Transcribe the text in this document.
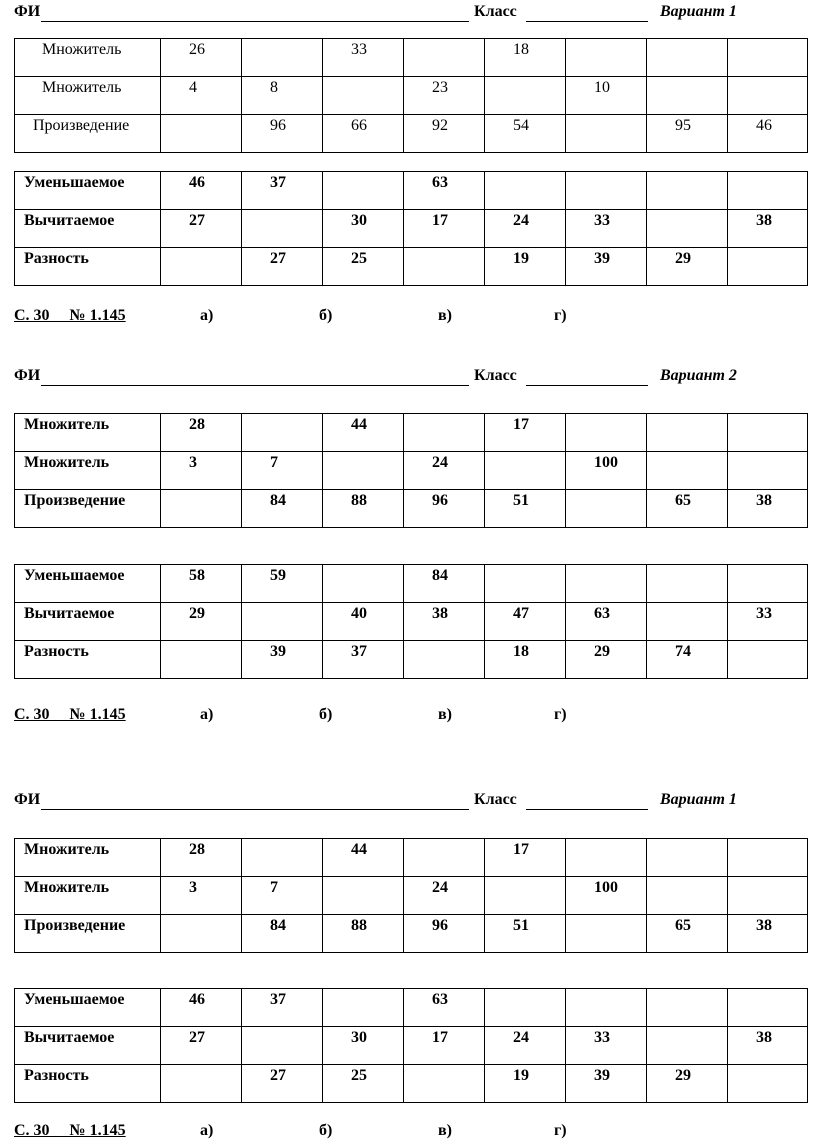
ФИ	Класс	Вариант 1
Множитель	26		33		18			
Множитель	4	8		23		10		
Произведение		96	66	92	54		95	46
Уменьшаемое	46	37		63				
Вычитаемое	27		30	17	24	33		38
Разность		27	25		19	39	29	
С. 30     № 1.145	а)	б)	в)	г)
ФИ	Класс	Вариант 2
Множитель	28		44		17			
Множитель	3	7		24		100		
Произведение		84	88	96	51		65	38
Уменьшаемое	58	59		84				
Вычитаемое	29		40	38	47	63		33
Разность		39	37		18	29	74	
С. 30     № 1.145	а)	б)	в)	г)
ФИ	Класс	Вариант 1
Множитель	28		44		17			
Множитель	3	7		24		100		
Произведение		84	88	96	51		65	38
Уменьшаемое	46	37		63				
Вычитаемое	27		30	17	24	33		38
Разность		27	25		19	39	29	
С. 30     № 1.145	а)	б)	в)	г)
